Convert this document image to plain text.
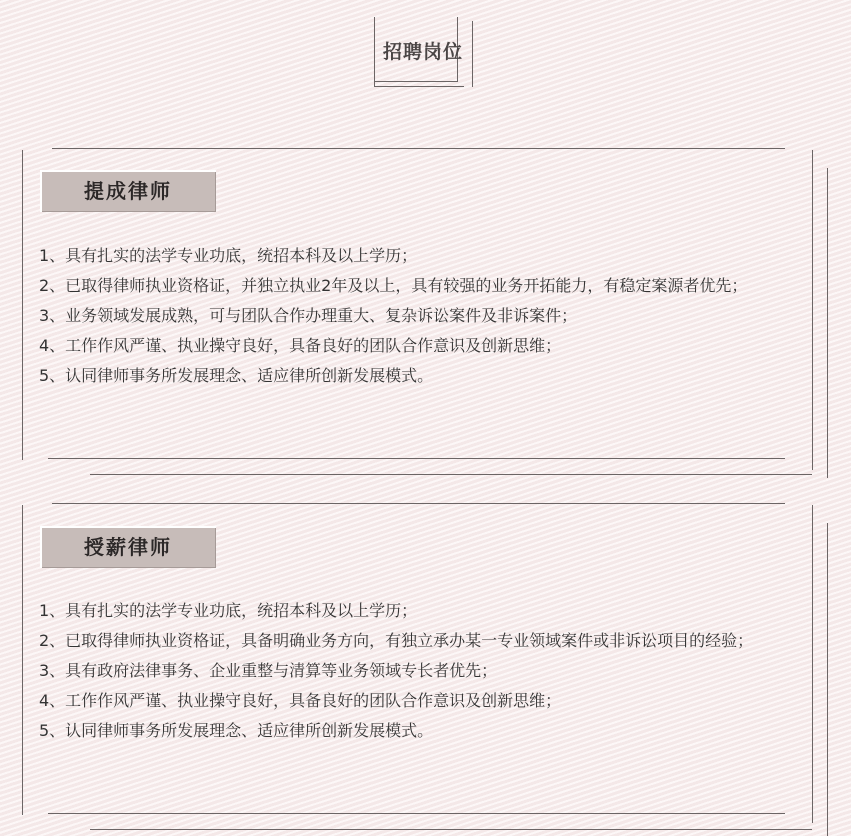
招聘岗位
提成律师
1、具有扎实的法学专业功底，统招本科及以上学历；
2、已取得律师执业资格证，并独立执业2年及以上，具有较强的业务开拓能力，有稳定案源者优先；
3、业务领域发展成熟，可与团队合作办理重大、复杂诉讼案件及非诉案件；
4、工作作风严谨、执业操守良好，具备良好的团队合作意识及创新思维；
5、认同律师事务所发展理念、适应律所创新发展模式。
授薪律师
1、具有扎实的法学专业功底，统招本科及以上学历；
2、已取得律师执业资格证，具备明确业务方向，有独立承办某一专业领域案件或非诉讼项目的经验；
3、具有政府法律事务、企业重整与清算等业务领域专长者优先；
4、工作作风严谨、执业操守良好，具备良好的团队合作意识及创新思维；
5、认同律师事务所发展理念、适应律所创新发展模式。
